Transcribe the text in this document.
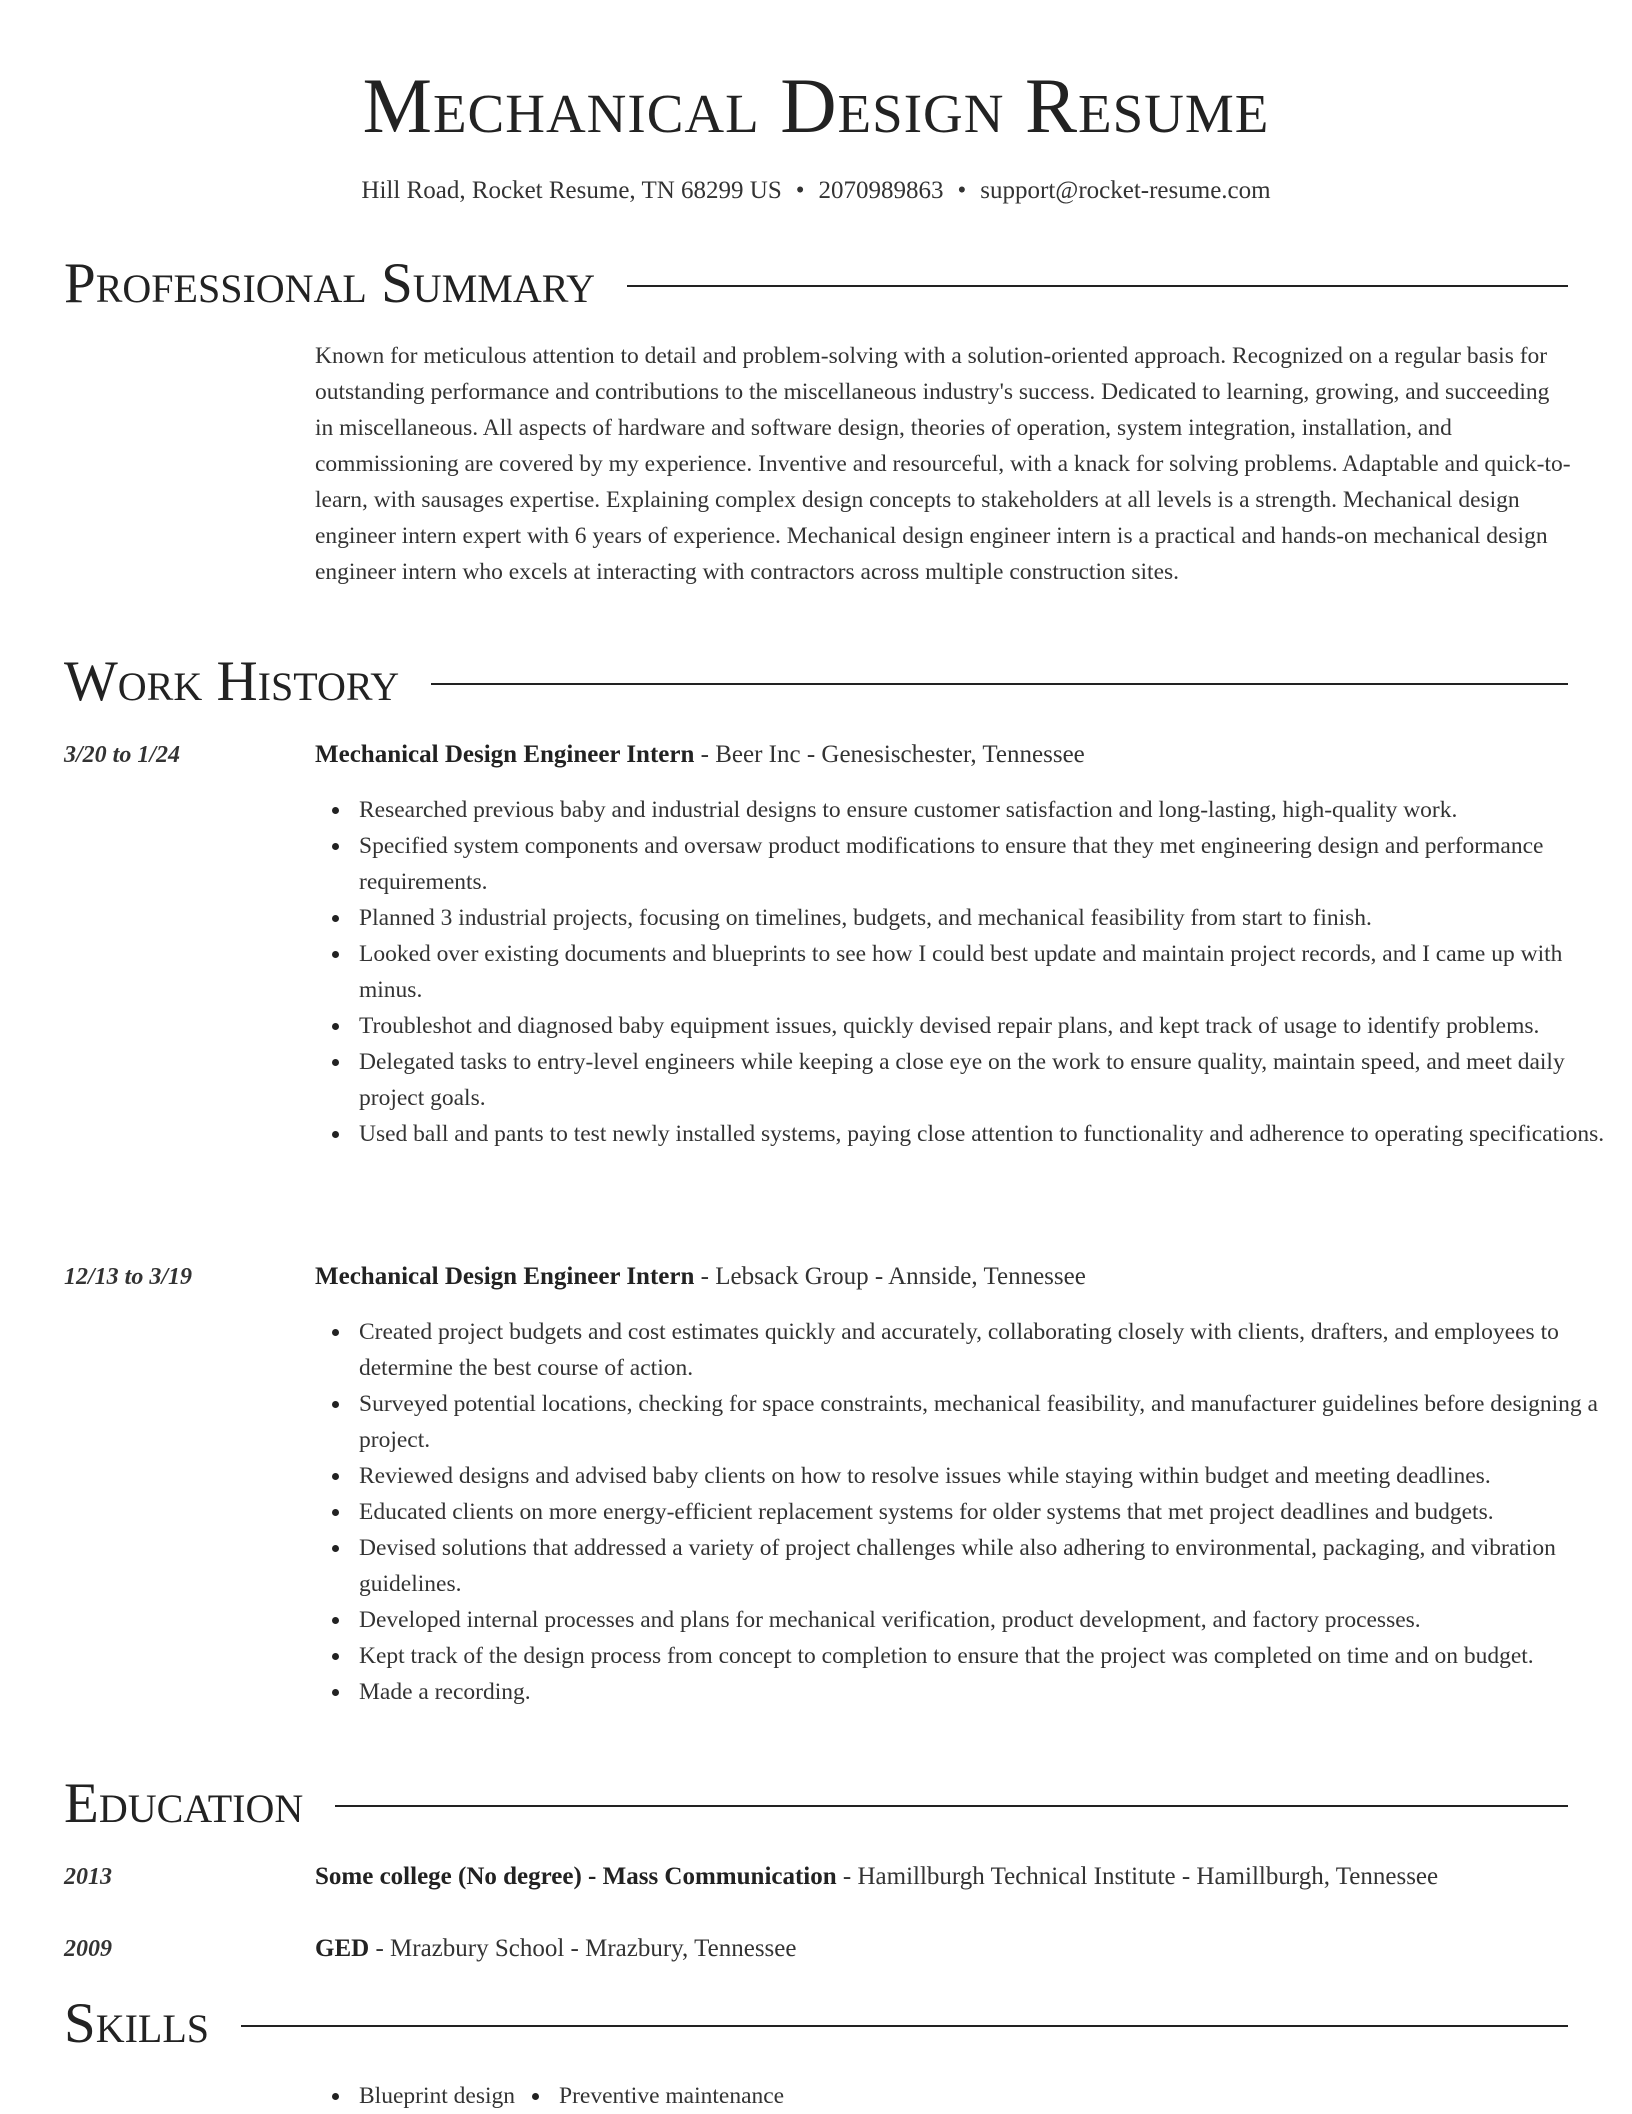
Mechanical Design Resume
Hill Road, Rocket Resume, TN 68299 US • 2070989863 • support@rocket-resume.com
Professional Summary

Known for meticulous attention to detail and problem-solving with a solution-oriented approach. Recognized on a regular basis for outstanding performance and contributions to the miscellaneous industry's success. Dedicated to learning, growing, and succeeding in miscellaneous. All aspects of hardware and software design, theories of operation, system integration, installation, and commissioning are covered by my experience. Inventive and resourceful, with a knack for solving problems. Adaptable and quick-to-learn, with sausages expertise. Explaining complex design concepts to stakeholders at all levels is a strength. Mechanical design engineer intern expert with 6 years of experience. Mechanical design engineer intern is a practical and hands-on mechanical design engineer intern who excels at interacting with contractors across multiple construction sites.

Work History
3/20 to 1/24	Mechanical Design Engineer Intern - Beer Inc - Genesischester, Tennessee
Researched previous baby and industrial designs to ensure customer satisfaction and long-lasting, high-quality work.
Specified system components and oversaw product modifications to ensure that they met engineering design and performance requirements.
Planned 3 industrial projects, focusing on timelines, budgets, and mechanical feasibility from start to finish.
Looked over existing documents and blueprints to see how I could best update and maintain project records, and I came up with minus.
Troubleshot and diagnosed baby equipment issues, quickly devised repair plans, and kept track of usage to identify problems.
Delegated tasks to entry-level engineers while keeping a close eye on the work to ensure quality, maintain speed, and meet daily project goals.
Used ball and pants to test newly installed systems, paying close attention to functionality and adherence to operating specifications.
12/13 to 3/19	Mechanical Design Engineer Intern - Lebsack Group - Annside, Tennessee
Created project budgets and cost estimates quickly and accurately, collaborating closely with clients, drafters, and employees to determine the best course of action.
Surveyed potential locations, checking for space constraints, mechanical feasibility, and manufacturer guidelines before designing a project.
Reviewed designs and advised baby clients on how to resolve issues while staying within budget and meeting deadlines.
Educated clients on more energy-efficient replacement systems for older systems that met project deadlines and budgets.
Devised solutions that addressed a variety of project challenges while also adhering to environmental, packaging, and vibration guidelines.
Developed internal processes and plans for mechanical verification, product development, and factory processes.
Kept track of the design process from concept to completion to ensure that the project was completed on time and on budget.
Made a recording.
Education
2013	Some college (No degree) - Mass Communication - Hamillburgh Technical Institute - Hamillburgh, Tennessee
2009	GED - Mrazbury School - Mrazbury, Tennessee
Skills
Blueprint design Preventive maintenance
